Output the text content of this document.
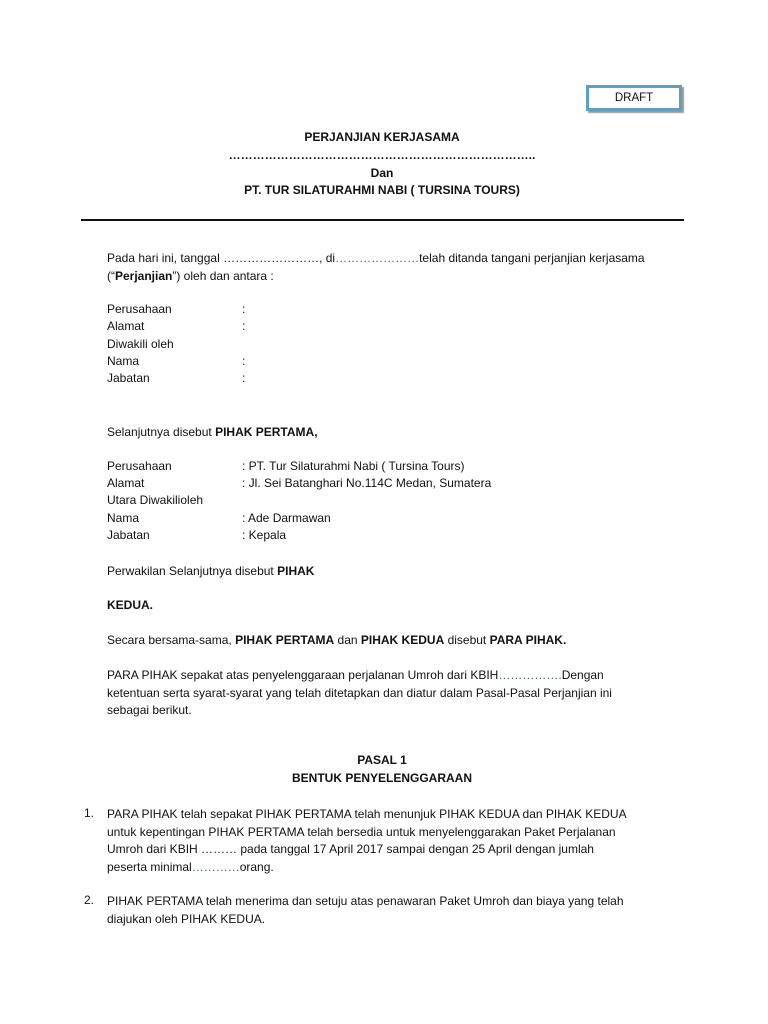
DRAFT
PERJANJIAN KERJASAMA
…………………………………………………………………..
Dan
PT. TUR SILATURAHMI NABI ( TURSINA TOURS)
Pada hari ini, tanggal ……………………, di…………………telah ditanda tangani perjanjian kerjasama
(“Perjanjian”) oleh dan antara :
Perusahaan	:
Alamat	:
Diwakili oleh
Nama	:
Jabatan	:
Selanjutnya disebut PIHAK PERTAMA,
Perusahaan	: PT. Tur Silaturahmi Nabi ( Tursina Tours)
Alamat	: Jl. Sei Batanghari No.114C Medan, Sumatera
Utara Diwakilioleh
Nama	: Ade Darmawan
Jabatan	: Kepala
Perwakilan Selanjutnya disebut PIHAK
KEDUA.
Secara bersama-sama, PIHAK PERTAMA dan PIHAK KEDUA disebut PARA PIHAK.
PARA PIHAK sepakat atas penyelenggaraan perjalanan Umroh dari KBIH…………….Dengan
ketentuan serta syarat-syarat yang telah ditetapkan dan diatur dalam Pasal-Pasal Perjanjian ini
sebagai berikut.
PASAL 1
BENTUK PENYELENGGARAAN
1. PARA PIHAK telah sepakat PIHAK PERTAMA telah menunjuk PIHAK KEDUA dan PIHAK KEDUA
untuk kepentingan PIHAK PERTAMA telah bersedia untuk menyelenggarakan Paket Perjalanan
Umroh dari KBIH ……… pada tanggal 17 April 2017 sampai dengan 25 April dengan jumlah
peserta minimal…………orang.
2. PIHAK PERTAMA telah menerima dan setuju atas penawaran Paket Umroh dan biaya yang telah
diajukan oleh PIHAK KEDUA.
